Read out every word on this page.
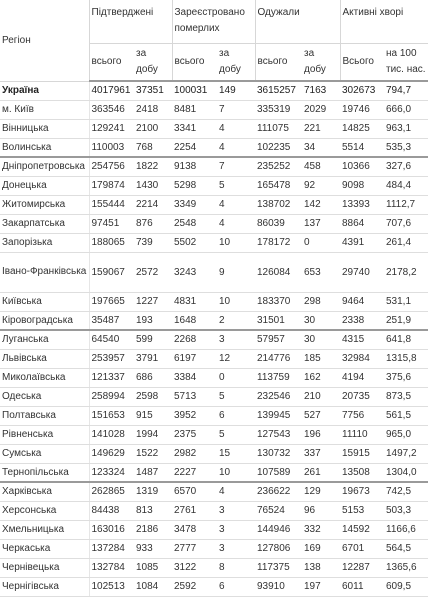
Регіон	Підтверджені		Зареєстровано померлих		Одужали		Активні хворі	
	всього	за добу	всього	за добу	всього	за добу	Всього	на 100 тис. нас.
Україна	4017961	37351	100031	149	3615257	7163	302673	794,7
м. Київ	363546	2418	8481	7	335319	2029	19746	666,0
Вінницька	129241	2100	3341	4	111075	221	14825	963,1
Волинська	110003	768	2254	4	102235	34	5514	535,3
Дніпропетровська	254756	1822	9138	7	235252	458	10366	327,6
Донецька	179874	1430	5298	5	165478	92	9098	484,4
Житомирська	155444	2214	3349	4	138702	142	13393	1112,7
Закарпатська	97451	876	2548	4	86039	137	8864	707,6
Запорізька	188065	739	5502	10	178172	0	4391	261,4
Івано-Франківська	159067	2572	3243	9	126084	653	29740	2178,2
Київська	197665	1227	4831	10	183370	298	9464	531,1
Кіровоградська	35487	193	1648	2	31501	30	2338	251,9
Луганська	64540	599	2268	3	57957	30	4315	641,8
Львівська	253957	3791	6197	12	214776	185	32984	1315,8
Миколаївська	121337	686	3384	0	113759	162	4194	375,6
Одеська	258994	2598	5713	5	232546	210	20735	873,5
Полтавська	151653	915	3952	6	139945	527	7756	561,5
Рівненська	141028	1994	2375	5	127543	196	11110	965,0
Сумська	149629	1522	2982	15	130732	337	15915	1497,2
Тернопільська	123324	1487	2227	10	107589	261	13508	1304,0
Харківська	262865	1319	6570	4	236622	129	19673	742,5
Херсонська	84438	813	2761	3	76524	96	5153	503,3
Хмельницька	163016	2186	3478	3	144946	332	14592	1166,6
Черкаська	137284	933	2777	3	127806	169	6701	564,5
Чернівецька	132784	1085	3122	8	117375	138	12287	1365,6
Чернігівська	102513	1084	2592	6	93910	197	6011	609,5
